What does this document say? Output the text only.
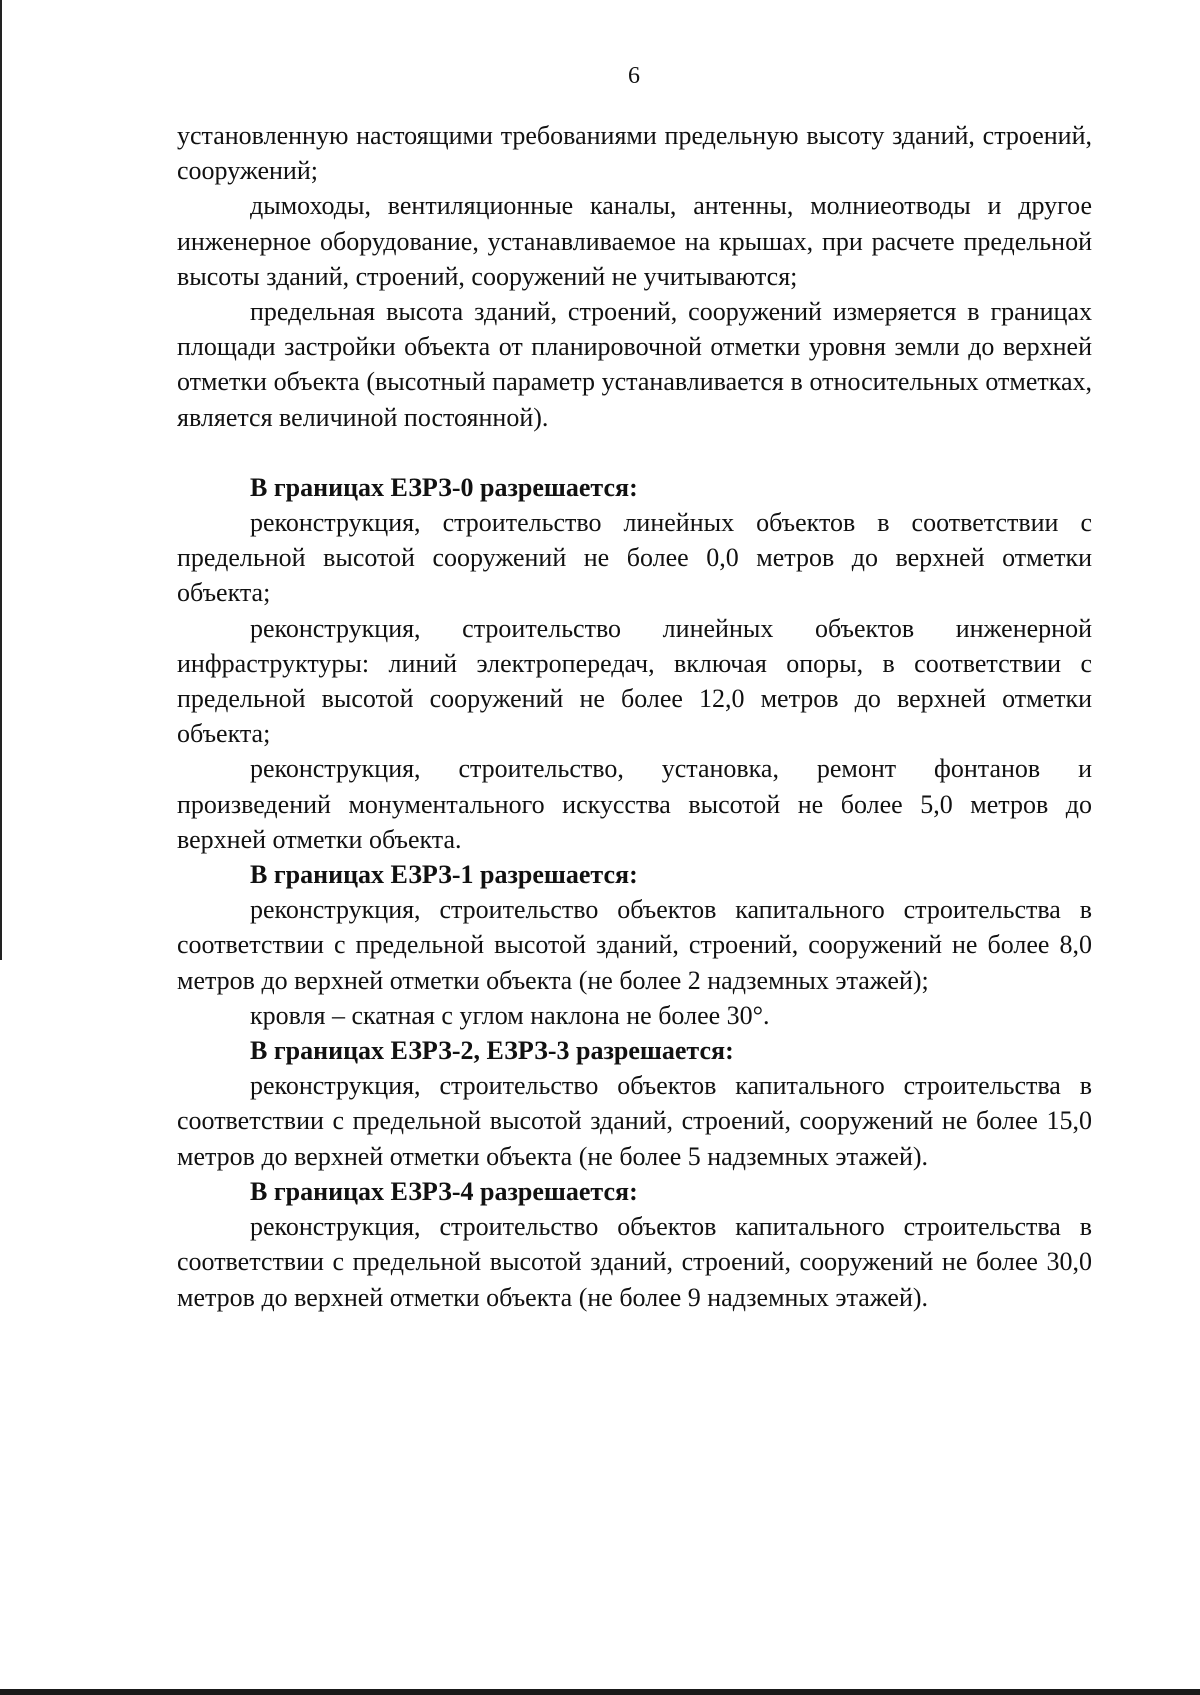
6

установленную настоящими требованиями предельную высоту зданий, строений, сооружений;

дымоходы, вентиляционные каналы, антенны, молниеотводы и другое инженерное оборудование, устанавливаемое на крышах, при расчете предельной высоты зданий, строений, сооружений не учитываются;

предельная высота зданий, строений, сооружений измеряется в границах площади застройки объекта от планировочной отметки уровня земли до верхней отметки объекта (высотный параметр устанавливается в относительных отметках, является величиной постоянной).

В границах ЕЗРЗ-0 разрешается:

реконструкция, строительство линейных объектов в соответствии с предельной высотой сооружений не более 0,0 метров до верхней отметки объекта;

реконструкция, строительство линейных объектов инженерной инфраструктуры: линий электропередач, включая опоры, в соответствии с предельной высотой сооружений не более 12,0 метров до верхней отметки объекта;

реконструкция, строительство, установка, ремонт фонтанов и произведений монументального искусства высотой не более 5,0 метров до верхней отметки объекта.

В границах ЕЗРЗ-1 разрешается:

реконструкция, строительство объектов капитального строительства в соответствии с предельной высотой зданий, строений, сооружений не более 8,0 метров до верхней отметки объекта (не более 2 надземных этажей);

кровля – скатная с углом наклона не более 30°.

В границах ЕЗРЗ-2, ЕЗРЗ-3 разрешается:

реконструкция, строительство объектов капитального строительства в соответствии с предельной высотой зданий, строений, сооружений не более 15,0 метров до верхней отметки объекта (не более 5 надземных этажей).

В границах ЕЗРЗ-4 разрешается:

реконструкция, строительство объектов капитального строительства в соответствии с предельной высотой зданий, строений, сооружений не более 30,0 метров до верхней отметки объекта (не более 9 надземных этажей).
